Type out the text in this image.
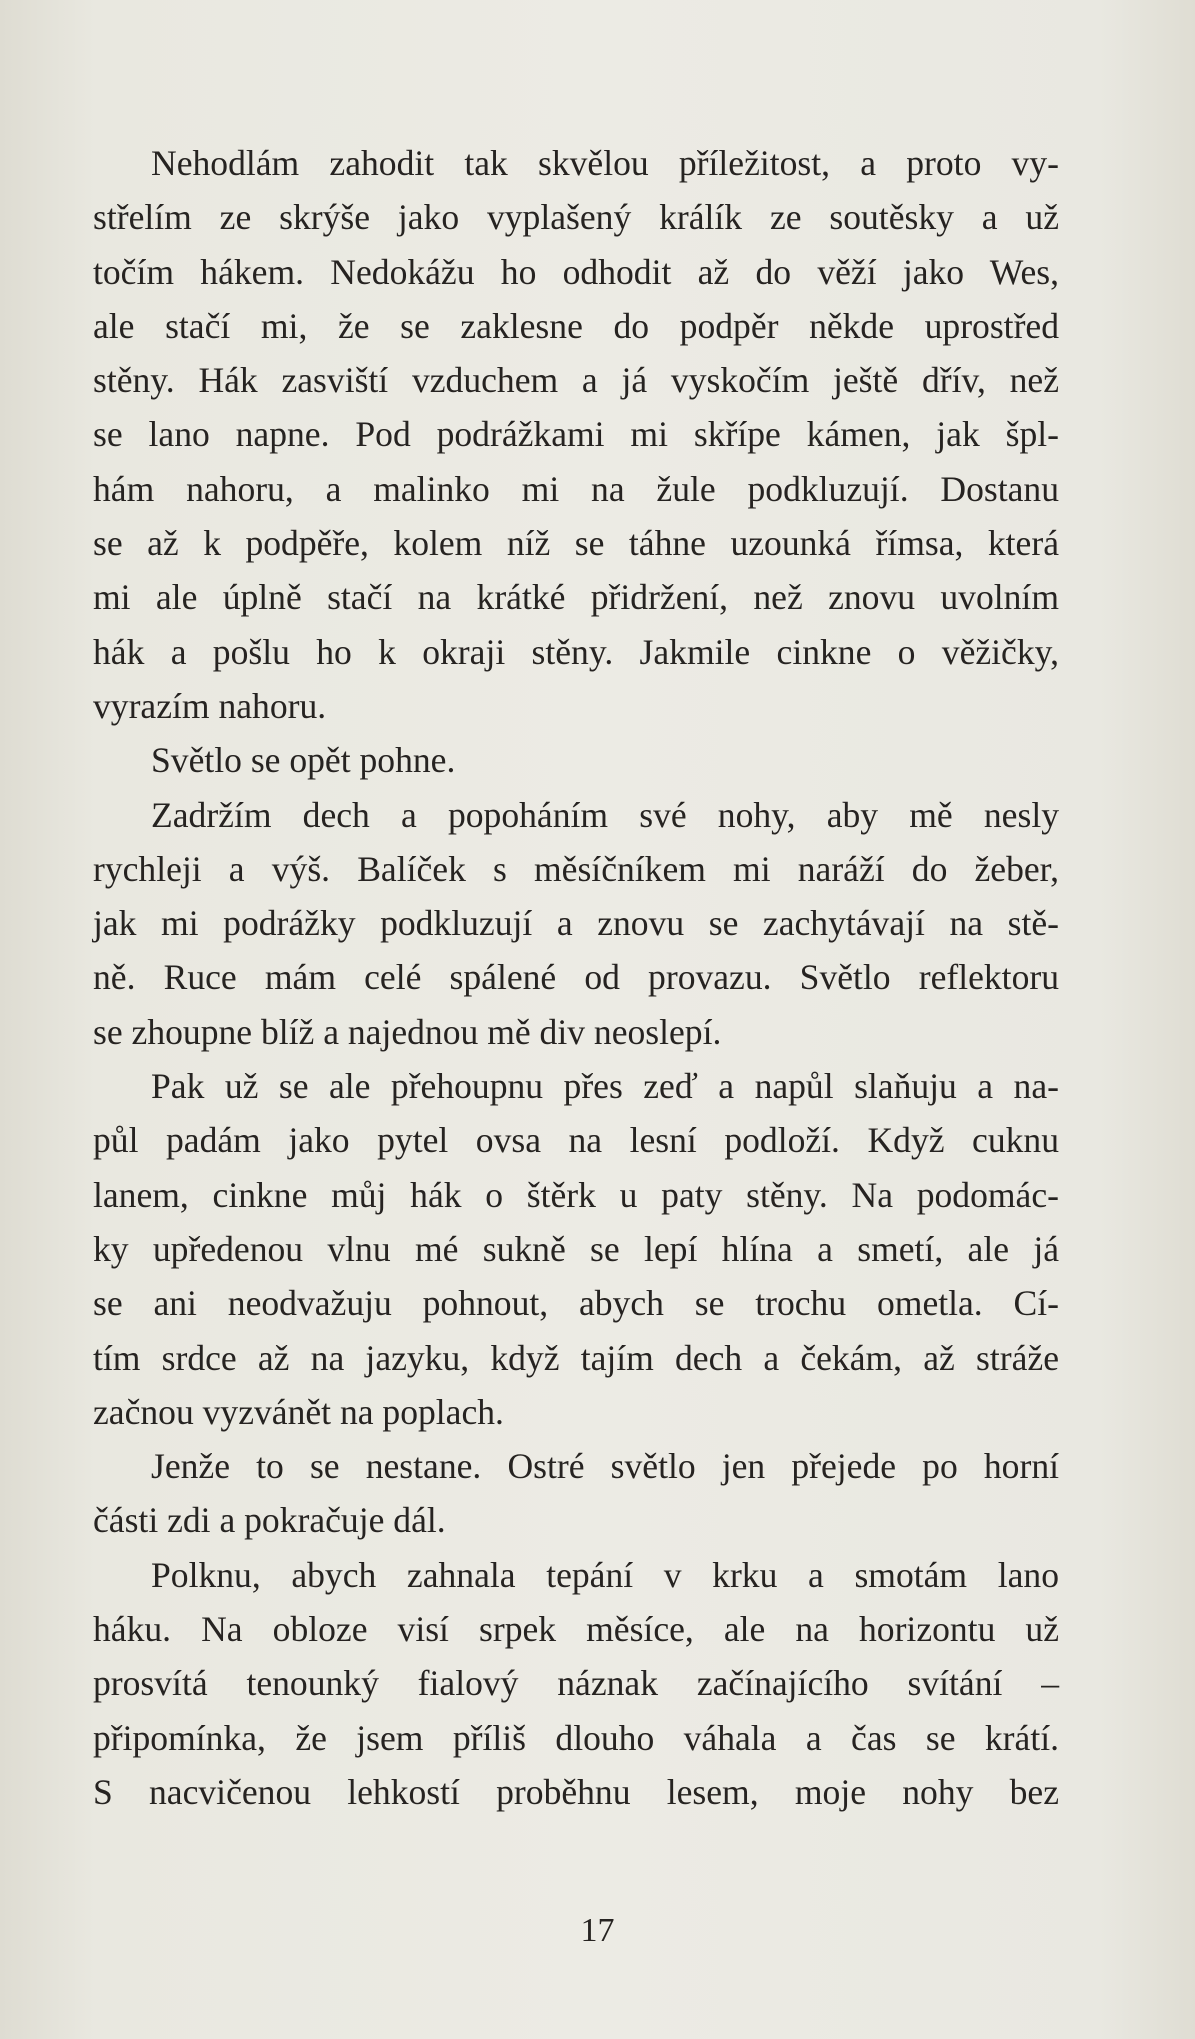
Nehodlám zahodit tak skvělou příležitost, a proto vy-
střelím ze skrýše jako vyplašený králík ze soutěsky a už
točím hákem. Nedokážu ho odhodit až do věží jako Wes,
ale stačí mi, že se zaklesne do podpěr někde uprostřed
stěny. Hák zasviští vzduchem a já vyskočím ještě dřív, než
se lano napne. Pod podrážkami mi skřípe kámen, jak špl-
hám nahoru, a malinko mi na žule podkluzují. Dostanu
se až k podpěře, kolem níž se táhne uzounká římsa, která
mi ale úplně stačí na krátké přidržení, než znovu uvolním
hák a pošlu ho k okraji stěny. Jakmile cinkne o věžičky,
vyrazím nahoru.
Světlo se opět pohne.
Zadržím dech a popoháním své nohy, aby mě nesly
rychleji a výš. Balíček s měsíčníkem mi naráží do žeber,
jak mi podrážky podkluzují a znovu se zachytávají na stě-
ně. Ruce mám celé spálené od provazu. Světlo reflektoru
se zhoupne blíž a najednou mě div neoslepí.
Pak už se ale přehoupnu přes zeď a napůl slaňuju a na-
půl padám jako pytel ovsa na lesní podloží. Když cuknu
lanem, cinkne můj hák o štěrk u paty stěny. Na podomác-
ky upředenou vlnu mé sukně se lepí hlína a smetí, ale já
se ani neodvažuju pohnout, abych se trochu ometla. Cí-
tím srdce až na jazyku, když tajím dech a čekám, až stráže
začnou vyzvánět na poplach.
Jenže to se nestane. Ostré světlo jen přejede po horní
části zdi a pokračuje dál.
Polknu, abych zahnala tepání v krku a smotám lano
háku. Na obloze visí srpek měsíce, ale na horizontu už
prosvítá tenounký fialový náznak začínajícího svítání –
připomínka, že jsem příliš dlouho váhala a čas se krátí.
S nacvičenou lehkostí proběhnu lesem, moje nohy bez
17
